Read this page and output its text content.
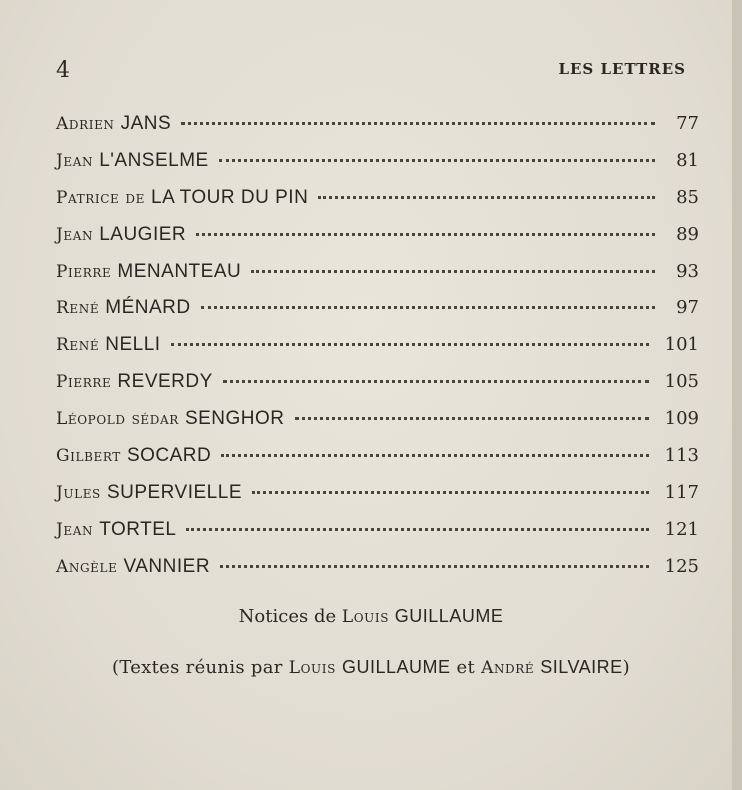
4	LES LETTRES
Adrien JANS	77
Jean L'ANSELME	81
Patrice de LA TOUR DU PIN	85
Jean LAUGIER	89
Pierre MENANTEAU	93
René MÉNARD	97
René NELLI	101
Pierre REVERDY	105
Léopold sédar SENGHOR	109
Gilbert SOCARD	113
Jules SUPERVIELLE	117
Jean TORTEL	121
Angèle VANNIER	125
Notices de Louis GUILLAUME
(Textes réunis par Louis GUILLAUME et André SILVAIRE)
